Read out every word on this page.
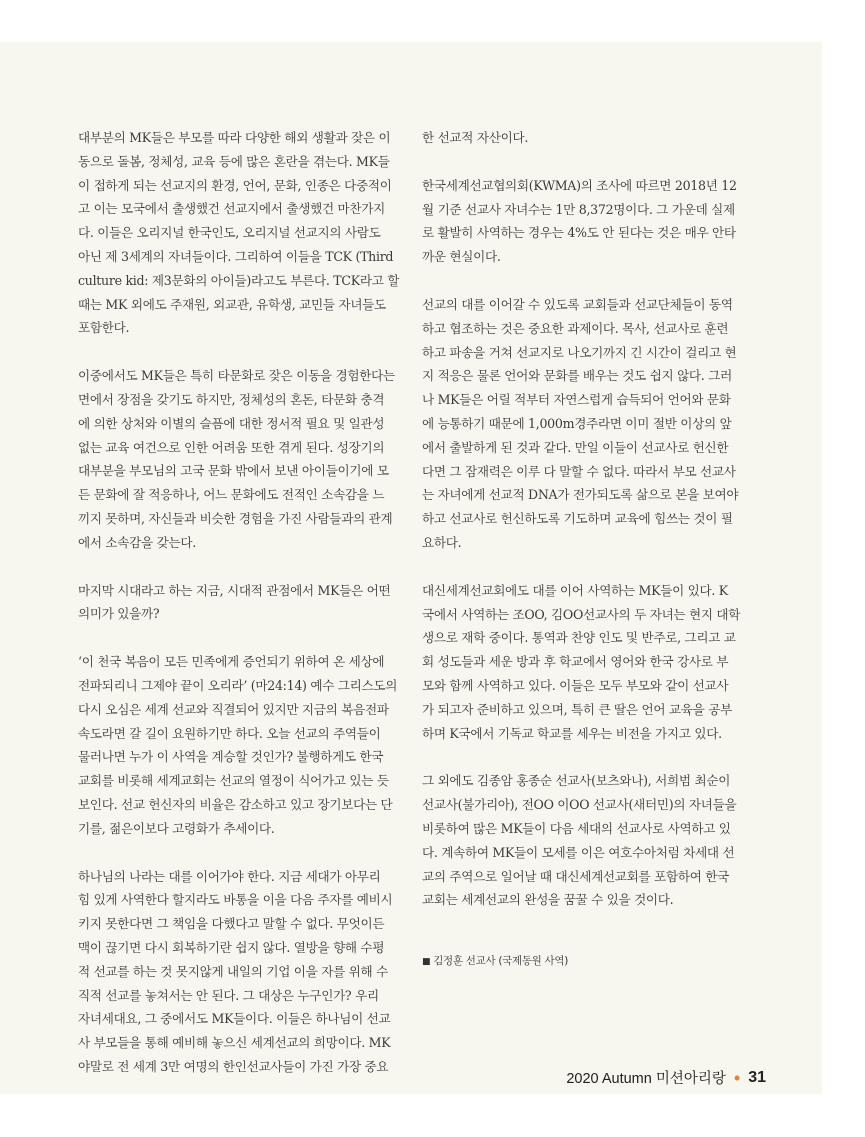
대부분의 MK들은 부모를 따라 다양한 해외 생활과 잦은 이
동으로 돌봄, 정체성, 교육 등에 많은 혼란을 겪는다. MK들
이 접하게 되는 선교지의 환경, 언어, 문화, 인종은 다중적이
고 이는 모국에서 출생했건 선교지에서 출생했건 마찬가지
다. 이들은 오리지널 한국인도, 오리지널 선교지의 사람도
아닌 제 3세계의 자녀들이다. 그리하여 이들을 TCK (Third
culture kid: 제3문화의 아이들)라고도 부른다. TCK라고 할
때는 MK 외에도 주재원, 외교관, 유학생, 교민들 자녀들도
포함한다.

이중에서도 MK들은 특히 타문화로 잦은 이동을 경험한다는
면에서 장점을 갖기도 하지만, 정체성의 혼돈, 타문화 충격
에 의한 상처와 이별의 슬픔에 대한 정서적 필요 및 일관성
없는 교육 여건으로 인한 어려움 또한 겪게 된다. 성장기의
대부분을 부모님의 고국 문화 밖에서 보낸 아이들이기에 모
든 문화에 잘 적응하나, 어느 문화에도 전적인 소속감을 느
끼지 못하며, 자신들과 비슷한 경험을 가진 사람들과의 관계
에서 소속감을 갖는다.

마지막 시대라고 하는 지금, 시대적 관점에서 MK들은 어떤
의미가 있을까?

‘이 천국 복음이 모든 민족에게 증언되기 위하여 온 세상에
전파되리니 그제야 끝이 오리라’ (마24:14) 예수 그리스도의
다시 오심은 세계 선교와 직결되어 있지만 지금의 복음전파
속도라면 갈 길이 요원하기만 하다. 오늘 선교의 주역들이
물러나면 누가 이 사역을 계승할 것인가? 불행하게도 한국
교회를 비롯해 세계교회는 선교의 열정이 식어가고 있는 듯
보인다. 선교 헌신자의 비율은 감소하고 있고 장기보다는 단
기를, 젊은이보다 고령화가 추세이다.

하나님의 나라는 대를 이어가야 한다. 지금 세대가 아무리
힘 있게 사역한다 할지라도 바통을 이을 다음 주자를 예비시
키지 못한다면 그 책임을 다했다고 말할 수 없다. 무엇이든
맥이 끊기면 다시 회복하기란 쉽지 않다. 열방을 향해 수평
적 선교를 하는 것 못지않게 내일의 기업 이을 자를 위해 수
직적 선교를 놓쳐서는 안 된다. 그 대상은 누구인가? 우리
자녀세대요, 그 중에서도 MK들이다. 이들은 하나님이 선교
사 부모들을 통해 예비해 놓으신 세계선교의 희망이다. MK
야말로 전 세계 3만 여명의 한인선교사들이 가진 가장 중요

한 선교적 자산이다.

한국세계선교협의회(KWMA)의 조사에 따르면 2018년 12
월 기준 선교사 자녀수는 1만 8,372명이다. 그 가운데 실제
로 활발히 사역하는 경우는 4%도 안 된다는 것은 매우 안타
까운 현실이다.

선교의 대를 이어갈 수 있도록 교회들과 선교단체들이 동역
하고 협조하는 것은 중요한 과제이다. 목사, 선교사로 훈련
하고 파송을 거쳐 선교지로 나오기까지 긴 시간이 걸리고 현
지 적응은 물론 언어와 문화를 배우는 것도 쉽지 않다. 그러
나 MK들은 어릴 적부터 자연스럽게 습득되어 언어와 문화
에 능통하기 때문에 1,000m경주라면 이미 절반 이상의 앞
에서 출발하게 된 것과 같다. 만일 이들이 선교사로 헌신한
다면 그 잠재력은 이루 다 말할 수 없다. 따라서 부모 선교사
는 자녀에게 선교적 DNA가 전가되도록 삶으로 본을 보여야
하고 선교사로 헌신하도록 기도하며 교육에 힘쓰는 것이 필
요하다.

대신세계선교회에도 대를 이어 사역하는 MK들이 있다. K
국에서 사역하는 조OO, 김OO선교사의 두 자녀는 현지 대학
생으로 재학 중이다. 통역과 찬양 인도 및 반주로, 그리고 교
회 성도들과 세운 방과 후 학교에서 영어와 한국 강사로 부
모와 함께 사역하고 있다. 이들은 모두 부모와 같이 선교사
가 되고자 준비하고 있으며, 특히 큰 딸은 언어 교육을 공부
하며 K국에서 기독교 학교를 세우는 비전을 가지고 있다.

그 외에도 김종암 홍종순 선교사(보츠와나), 서희범 최순이
선교사(불가리아), 전OO 이OO 선교사(새터민)의 자녀들을
비롯하여 많은 MK들이 다음 세대의 선교사로 사역하고 있
다. 계속하여 MK들이 모세를 이은 여호수아처럼 차세대 선
교의 주역으로 일어날 때 대신세계선교회를 포함하여 한국
교회는 세계선교의 완성을 꿈꿀 수 있을 것이다.

■ 김정훈 선교사 (국제동원 사역)
2020 Autumn 미션아리랑 • 31
